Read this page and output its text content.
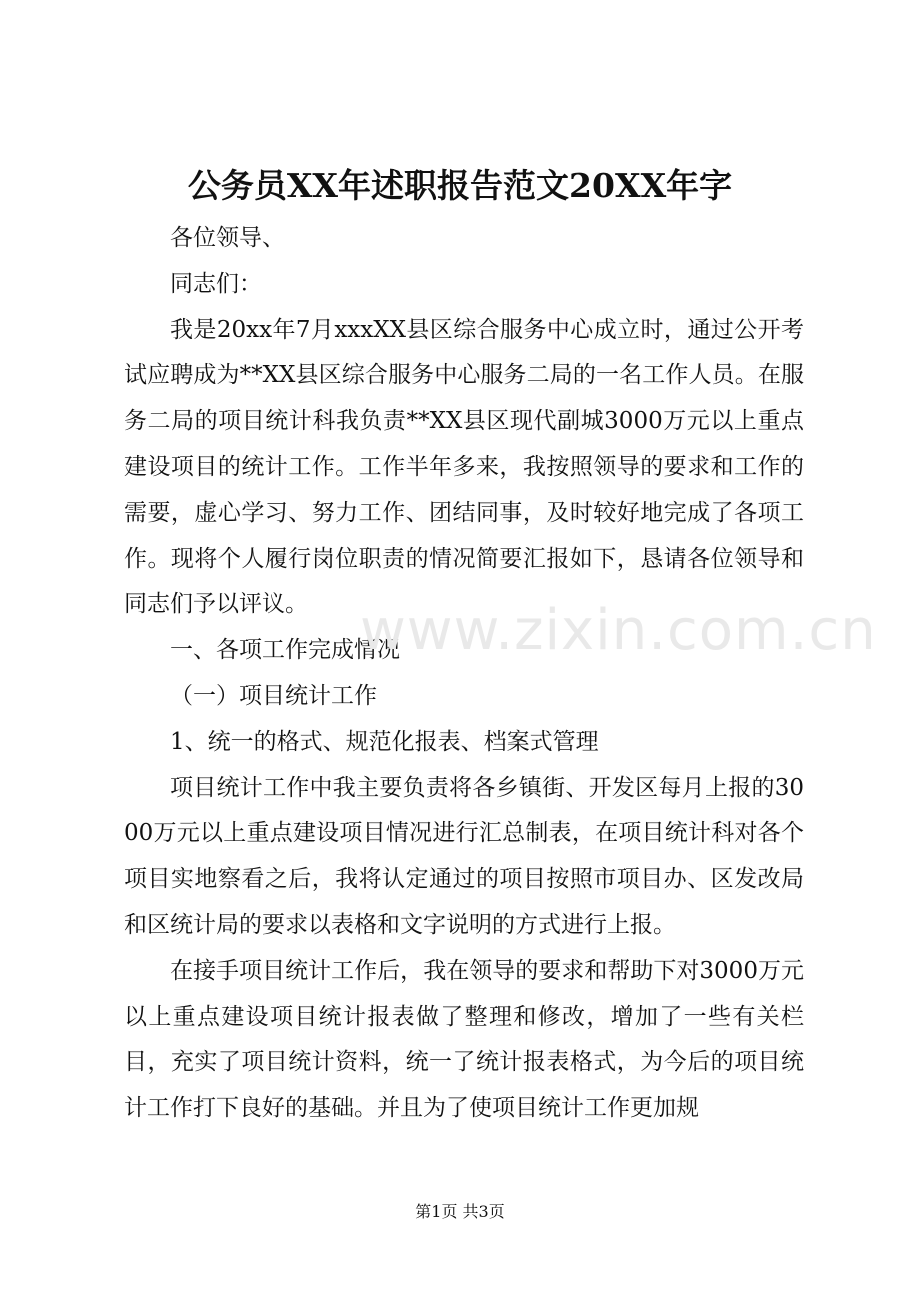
公务员XX年述职报告范文20XX年字

各位领导、

同志们：

我是20xx年7月xxxXX县区综合服务中心成立时，通过公开考试应聘成为**XX县区综合服务中心服务二局的一名工作人员。在服务二局的项目统计科我负责**XX县区现代副城3000万元以上重点建设项目的统计工作。工作半年多来，我按照领导的要求和工作的需要，虚心学习、努力工作、团结同事，及时较好地完成了各项工作。现将个人履行岗位职责的情况简要汇报如下，恳请各位领导和同志们予以评议。

一、各项工作完成情况

（一）项目统计工作

1、统一的格式、规范化报表、档案式管理

项目统计工作中我主要负责将各乡镇街、开发区每月上报的3000万元以上重点建设项目情况进行汇总制表，在项目统计科对各个项目实地察看之后，我将认定通过的项目按照市项目办、区发改局和区统计局的要求以表格和文字说明的方式进行上报。

在接手项目统计工作后，我在领导的要求和帮助下对3000万元以上重点建设项目统计报表做了整理和修改，增加了一些有关栏目，充实了项目统计资料，统一了统计报表格式，为今后的项目统计工作打下良好的基础。并且为了使项目统计工作更加规

www.zixin.com.cn
第1页 共3页
